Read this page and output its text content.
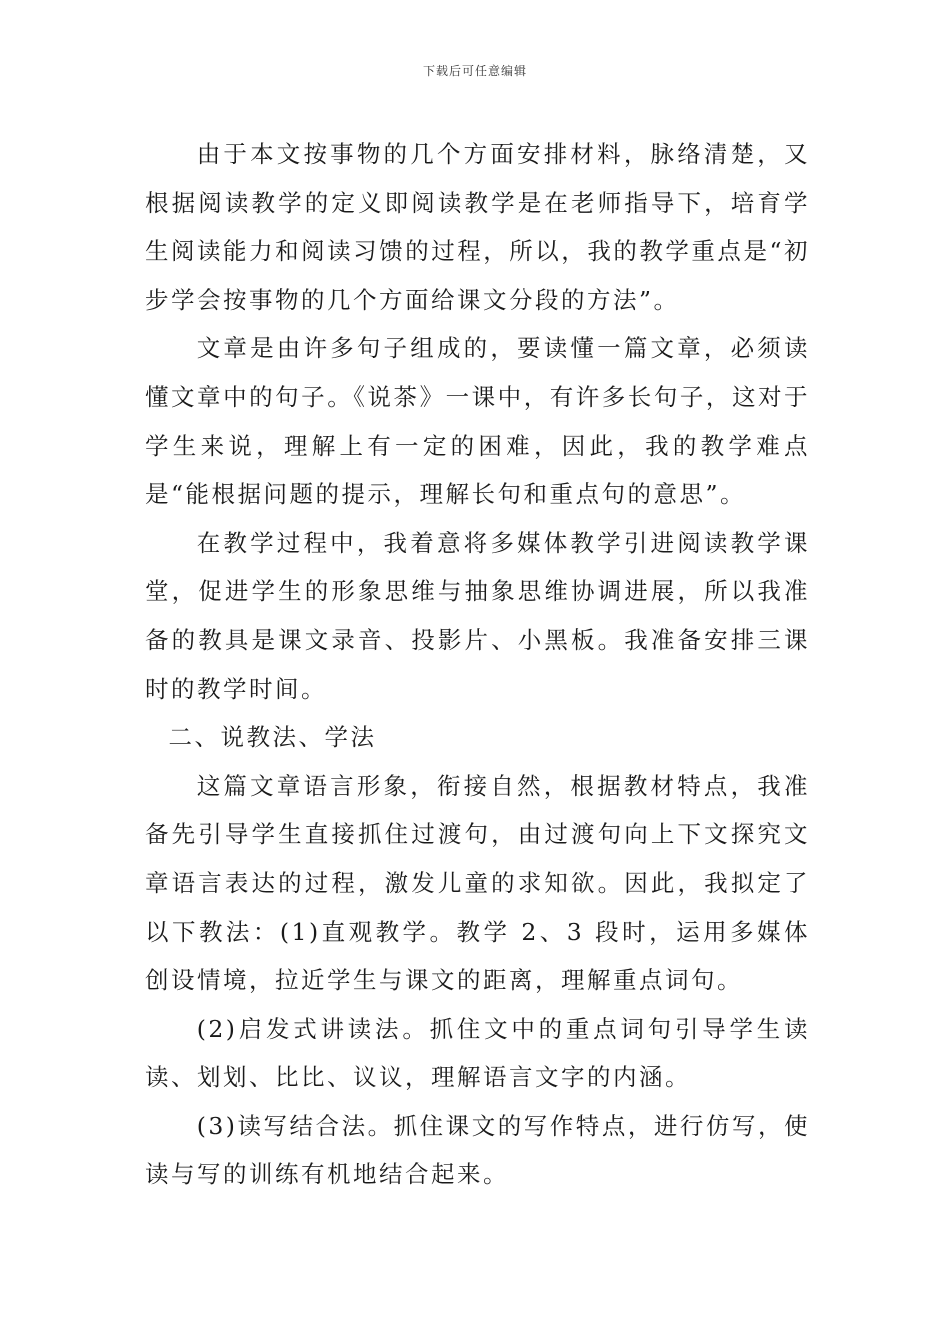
下载后可任意编辑

由于本文按事物的几个方面安排材料，脉络清楚，又根据阅读教学的定义即阅读教学是在老师指导下，培育学生阅读能力和阅读习馈的过程，所以，我的教学重点是“初步学会按事物的几个方面给课文分段的方法”。

文章是由许多句子组成的，要读懂一篇文章，必须读懂文章中的句子。《说茶》一课中，有许多长句子，这对于学生来说，理解上有一定的困难，因此，我的教学难点是“能根据问题的提示，理解长句和重点句的意思”。

在教学过程中，我着意将多媒体教学引进阅读教学课堂，促进学生的形象思维与抽象思维协调进展，所以我准备的教具是课文录音、投影片、小黑板。我准备安排三课时的教学时间。

二、说教法、学法

这篇文章语言形象，衔接自然，根据教材特点，我准备先引导学生直接抓住过渡句，由过渡句向上下文探究文章语言表达的过程，激发儿童的求知欲。因此，我拟定了以下教法：(1)直观教学。教学 2、3 段时，运用多媒体创设情境，拉近学生与课文的距离，理解重点词句。

(2)启发式讲读法。抓住文中的重点词句引导学生读读、划划、比比、议议，理解语言文字的内涵。

(3)读写结合法。抓住课文的写作特点，进行仿写，使读与写的训练有机地结合起来。
